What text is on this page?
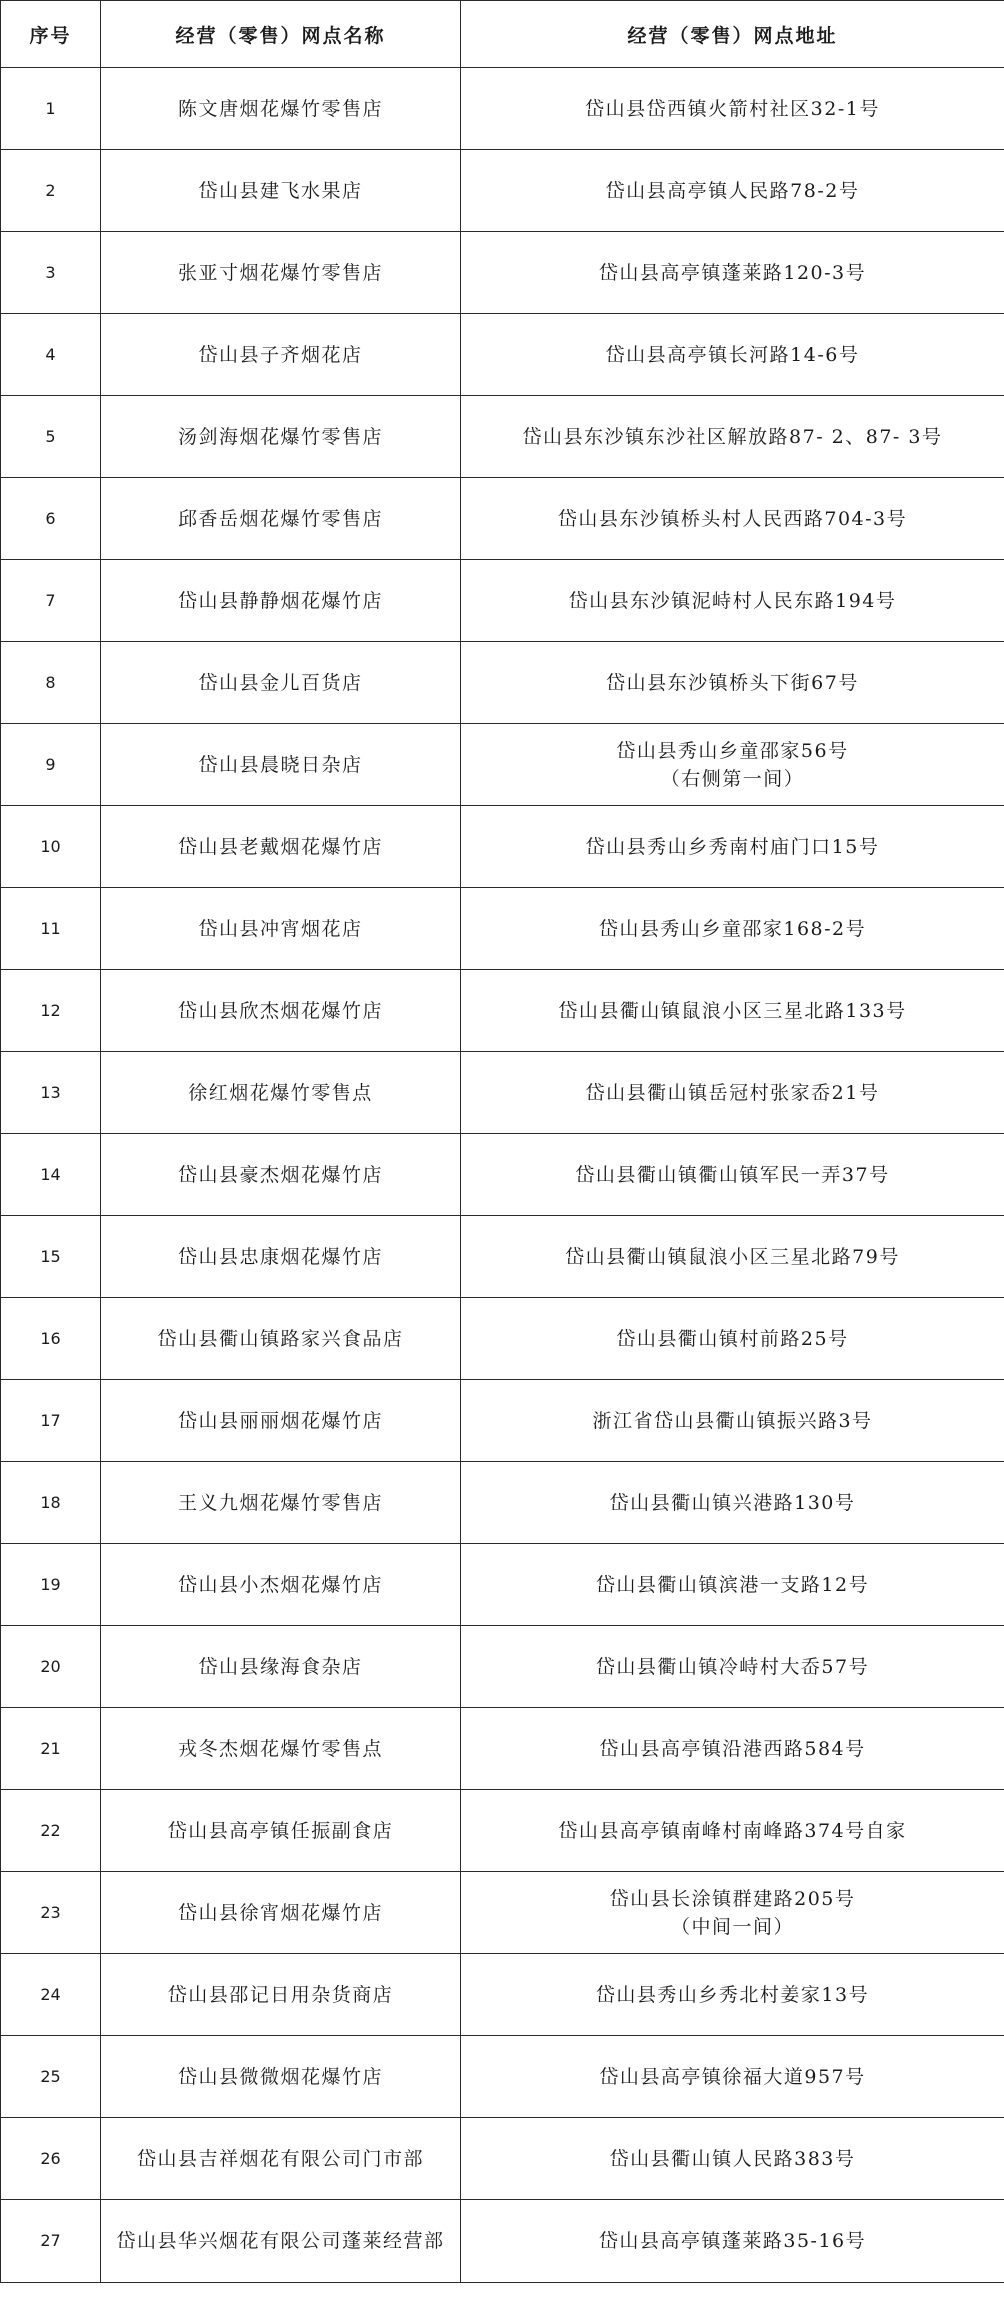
序号	经营（零售）网点名称	经营（零售）网点地址
1	陈文唐烟花爆竹零售店	岱山县岱西镇火箭村社区32-1号

2	岱山县建飞水果店	岱山县高亭镇人民路78-2号

3	张亚寸烟花爆竹零售店	岱山县高亭镇蓬莱路120-3号

4	岱山县子齐烟花店	岱山县高亭镇长河路14-6号

5	汤剑海烟花爆竹零售店	岱山县东沙镇东沙社区解放路87- 2、87- 3号

6	邱香岳烟花爆竹零售店	岱山县东沙镇桥头村人民西路704-3号

7	岱山县静静烟花爆竹店	岱山县东沙镇泥峙村人民东路194号

8	岱山县金儿百货店	岱山县东沙镇桥头下街67号

9	岱山县晨晓日杂店	岱山县秀山乡童邵家56号
（右侧第一间）

10	岱山县老戴烟花爆竹店	岱山县秀山乡秀南村庙门口15号

11	岱山县冲宵烟花店	岱山县秀山乡童邵家168-2号

12	岱山县欣杰烟花爆竹店	岱山县衢山镇鼠浪小区三星北路133号

13	徐红烟花爆竹零售点	岱山县衢山镇岳冠村张家岙21号

14	岱山县豪杰烟花爆竹店	岱山县衢山镇衢山镇军民一弄37号

15	岱山县忠康烟花爆竹店	岱山县衢山镇鼠浪小区三星北路79号

16	岱山县衢山镇路家兴食品店	岱山县衢山镇村前路25号

17	岱山县丽丽烟花爆竹店	浙江省岱山县衢山镇振兴路3号

18	王义九烟花爆竹零售店	岱山县衢山镇兴港路130号

19	岱山县小杰烟花爆竹店	岱山县衢山镇滨港一支路12号

20	岱山县缘海食杂店	岱山县衢山镇冷峙村大岙57号

21	戎冬杰烟花爆竹零售点	岱山县高亭镇沿港西路584号

22	岱山县高亭镇任振副食店	岱山县高亭镇南峰村南峰路374号自家

23	岱山县徐宵烟花爆竹店	岱山县长涂镇群建路205号
（中间一间）

24	岱山县邵记日用杂货商店	岱山县秀山乡秀北村姜家13号

25	岱山县微微烟花爆竹店	岱山县高亭镇徐福大道957号

26	岱山县吉祥烟花有限公司门市部	岱山县衢山镇人民路383号

27	岱山县华兴烟花有限公司蓬莱经营部	岱山县高亭镇蓬莱路35-16号
